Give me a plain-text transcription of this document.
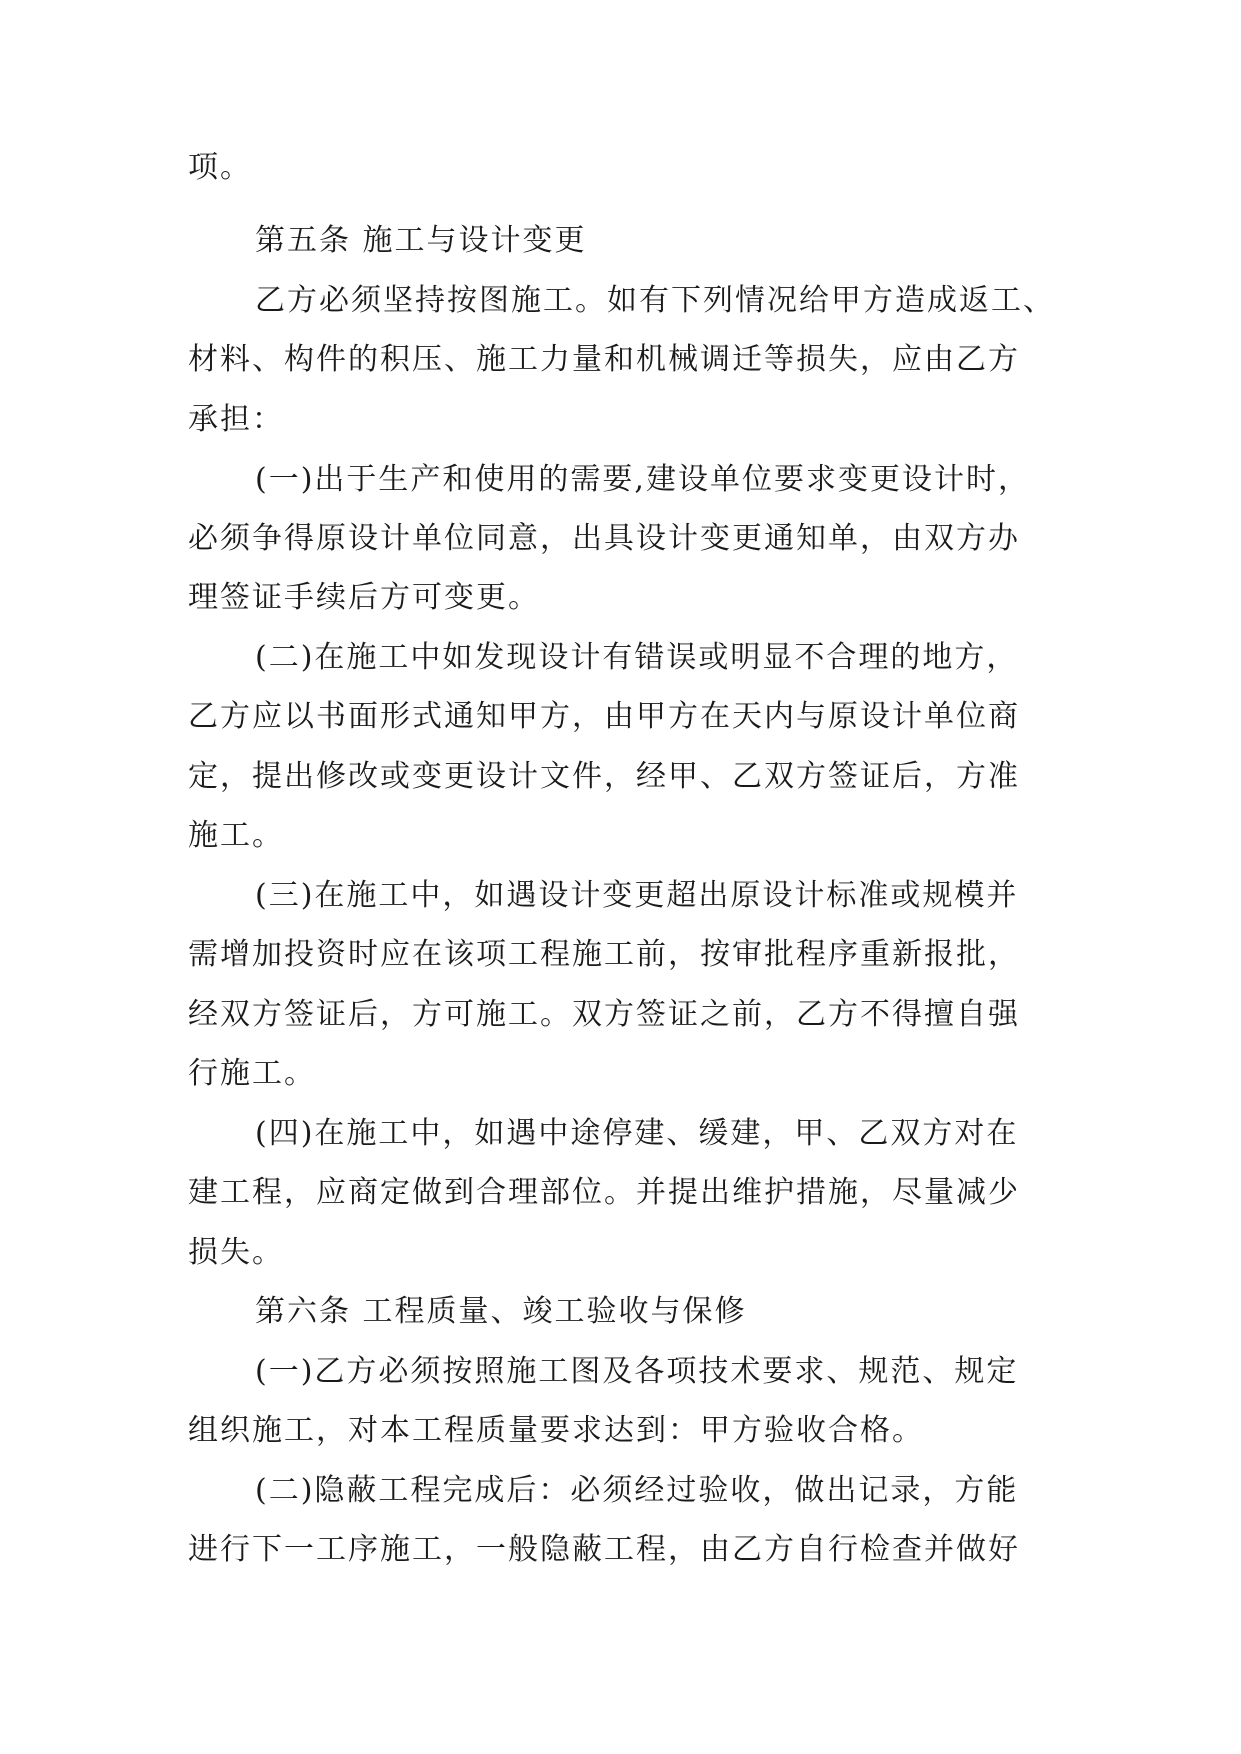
项。
第五条 施工与设计变更
乙方必须坚持按图施工。如有下列情况给甲方造成返工、
材料、构件的积压、施工力量和机械调迁等损失，应由乙方
承担：
(一)出于生产和使用的需要,建设单位要求变更设计时，
必须争得原设计单位同意，出具设计变更通知单，由双方办
理签证手续后方可变更。
(二)在施工中如发现设计有错误或明显不合理的地方，
乙方应以书面形式通知甲方，由甲方在天内与原设计单位商
定，提出修改或变更设计文件，经甲、乙双方签证后，方准
施工。
(三)在施工中，如遇设计变更超出原设计标准或规模并
需增加投资时应在该项工程施工前，按审批程序重新报批，
经双方签证后，方可施工。双方签证之前，乙方不得擅自强
行施工。
(四)在施工中，如遇中途停建、缓建，甲、乙双方对在
建工程，应商定做到合理部位。并提出维护措施，尽量减少
损失。
第六条 工程质量、竣工验收与保修
(一)乙方必须按照施工图及各项技术要求、规范、规定
组织施工，对本工程质量要求达到：甲方验收合格。
(二)隐蔽工程完成后：必须经过验收，做出记录，方能
进行下一工序施工，一般隐蔽工程，由乙方自行检查并做好
